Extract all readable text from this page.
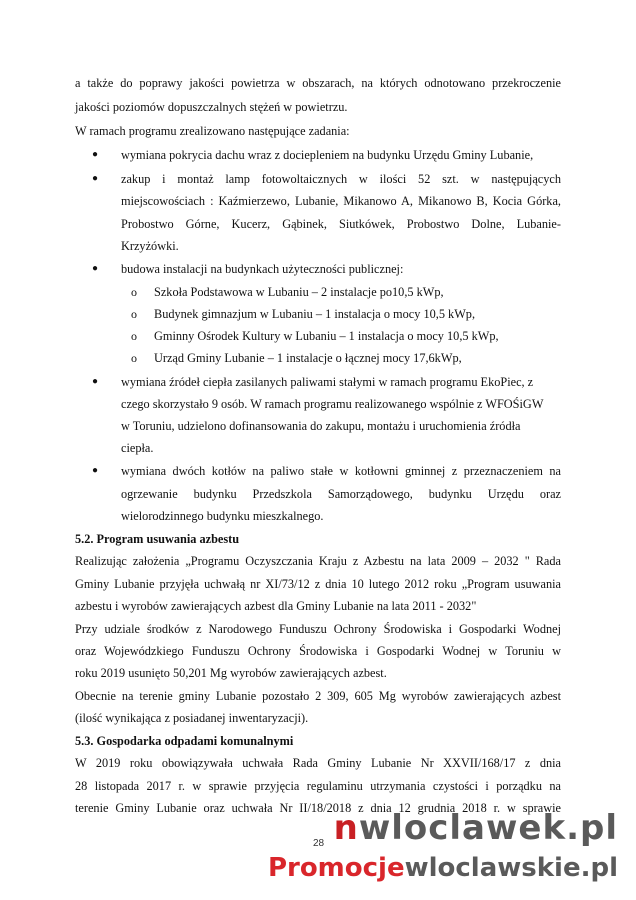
a także do poprawy jakości powietrza w obszarach, na których odnotowano przekroczenie
jakości poziomów dopuszczalnych stężeń w powietrzu.
W ramach programu zrealizowano następujące zadania:
● wymiana pokrycia dachu wraz z dociepleniem na budynku Urzędu Gminy Lubanie,
● zakup i montaż lamp fotowoltaicznych w ilości 52 szt. w następujących
miejscowościach : Kaźmierzewo, Lubanie, Mikanowo A, Mikanowo B, Kocia Górka,
Probostwo Górne, Kucerz, Gąbinek, Siutkówek, Probostwo Dolne, Lubanie-
Krzyżówki.
● budowa instalacji na budynkach użyteczności publicznej:
o Szkoła Podstawowa w Lubaniu – 2 instalacje po10,5 kWp,
o Budynek gimnazjum w Lubaniu – 1 instalacja o mocy 10,5 kWp,
o Gminny Ośrodek Kultury w Lubaniu – 1 instalacja o mocy 10,5 kWp,
o Urząd Gminy Lubanie – 1 instalacje o łącznej mocy 17,6kWp,
● wymiana źródeł ciepła zasilanych paliwami stałymi w ramach programu EkoPiec, z
czego skorzystało 9 osób. W ramach programu realizowanego wspólnie z WFOŚiGW
w Toruniu, udzielono dofinansowania do zakupu, montażu i uruchomienia źródła
ciepła.
● wymiana dwóch kotłów na paliwo stałe w kotłowni gminnej z przeznaczeniem na
ogrzewanie budynku Przedszkola Samorządowego, budynku Urzędu oraz
wielorodzinnego budynku mieszkalnego.
5.2. Program usuwania azbestu
Realizując założenia „Programu Oczyszczania Kraju z Azbestu na lata 2009 – 2032 " Rada
Gminy Lubanie przyjęła uchwałą nr XI/73/12 z dnia 10 lutego 2012 roku „Program usuwania
azbestu i wyrobów zawierających azbest dla Gminy Lubanie na lata 2011 - 2032"
Przy udziale środków z Narodowego Funduszu Ochrony Środowiska i Gospodarki Wodnej
oraz Wojewódzkiego Funduszu Ochrony Środowiska i Gospodarki Wodnej w Toruniu w
roku 2019 usunięto 50,201 Mg wyrobów zawierających azbest.
Obecnie na terenie gminy Lubanie pozostało 2 309, 605 Mg wyrobów zawierających azbest
(ilość wynikająca z posiadanej inwentaryzacji).
5.3. Gospodarka odpadami komunalnymi
W 2019 roku obowiązywała uchwała Rada Gminy Lubanie Nr XXVII/168/17 z dnia
28 listopada 2017 r. w sprawie przyjęcia regulaminu utrzymania czystości i porządku na
terenie Gminy Lubanie oraz uchwała Nr II/18/2018 z dnia 12 grudnia 2018 r. w sprawie
nwloclawek.pl
28
Promocjewloclawskie.pl
